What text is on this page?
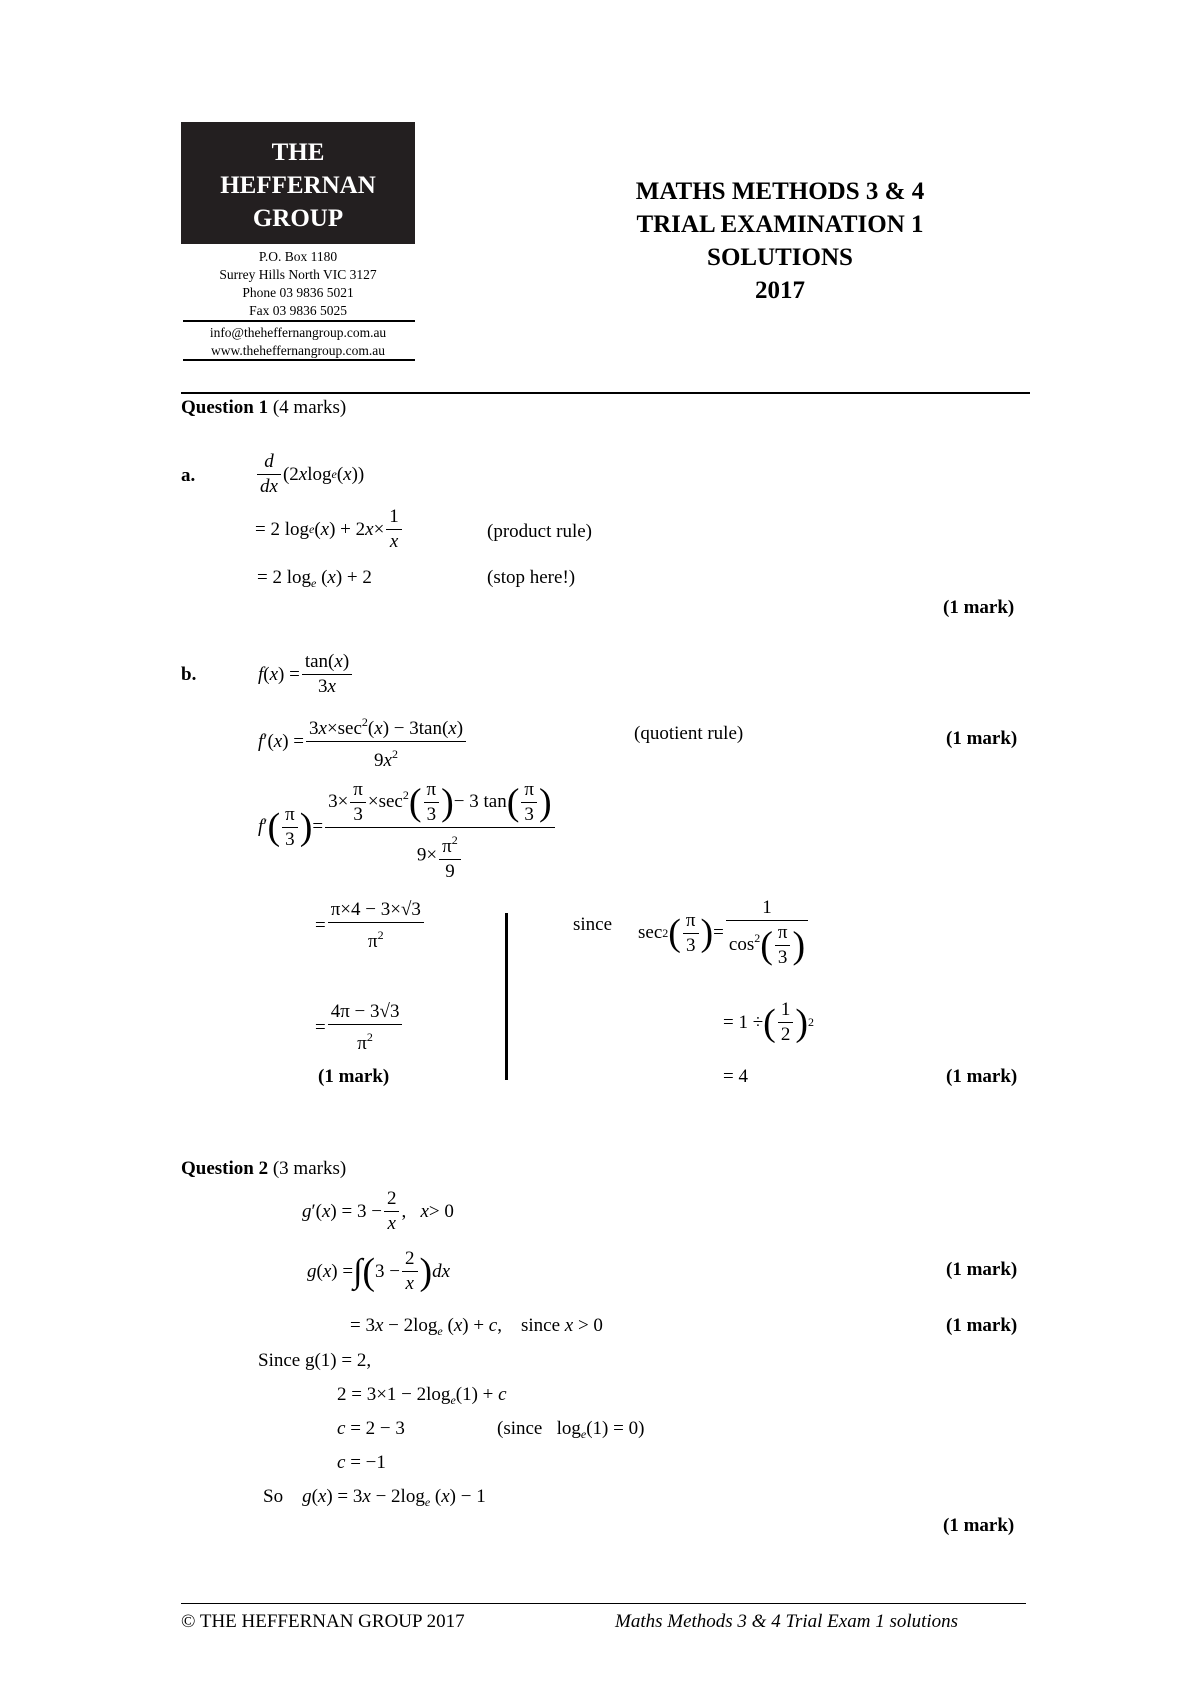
THE
HEFFERNAN
GROUP
P.O. Box 1180
Surrey Hills North VIC 3127
Phone 03 9836 5021
Fax 03 9836 5025
info@theheffernangroup.com.au
www.theheffernangroup.com.au
MATHS METHODS 3 & 4
TRIAL EXAMINATION 1
SOLUTIONS
2017
Question 1 (4 marks)
a.	$\frac{d}{dx} (2$ x log e ( x ))
= 2 log e ( x ) + 2 $x \times \frac{1}{x}$	(product rule)
= 2 $\log_e (x) + 2$	(stop here!)
(1 mark)
b.	f ( x ) = $\frac{\tan(x)}{3x}$
f ′( x ) = $\frac{3x\times\sec^2(x) - 3\tan(x)}{9x^2}$	(quotient rule)	(1 mark)
f ′ ( $\frac{\pi}{3}$ ) = $\frac{3\times \frac{\pi}{3} \times\sec^2( \frac{\pi}{3} )- 3 \tan( \frac{\pi}{3} )}{9\times \frac{\pi^2}{9}}$
= $\frac{\pi\times 4 - 3\times√3}{\pi^2}$
= $\frac{4\pi - 3√3}{\pi^2}$
(1 mark)
since sec 2 ( $\frac{\pi}{3}$ ) = $\frac{1}{\cos^2( \frac{\pi}{3} )}$
= 1 ÷ ( $\frac{1}{2}$ ) 2
= 4	(1 mark)
Question 2 (3 marks)
g ′( x ) = $3 - \frac{2}{x}$ , x > 0
g ( x ) = ∫ ( $3 - \frac{2}{x}$ ) dx	(1 mark)
= $3x - 2\log_e$ (x) + c,    since x > 0	(1 mark)
Since g(1) = 2,
$2 = 3\times 1 - 2\log_e(1) + c$
c = 2 − 3	(since   $\log_e(1) = 0$)
c = −1
So $g(x) = 3x - 2\log_e$ (x) − 1
(1 mark)
© THE HEFFERNAN GROUP 2017	Maths Methods 3 & 4 Trial Exam 1 solutions
